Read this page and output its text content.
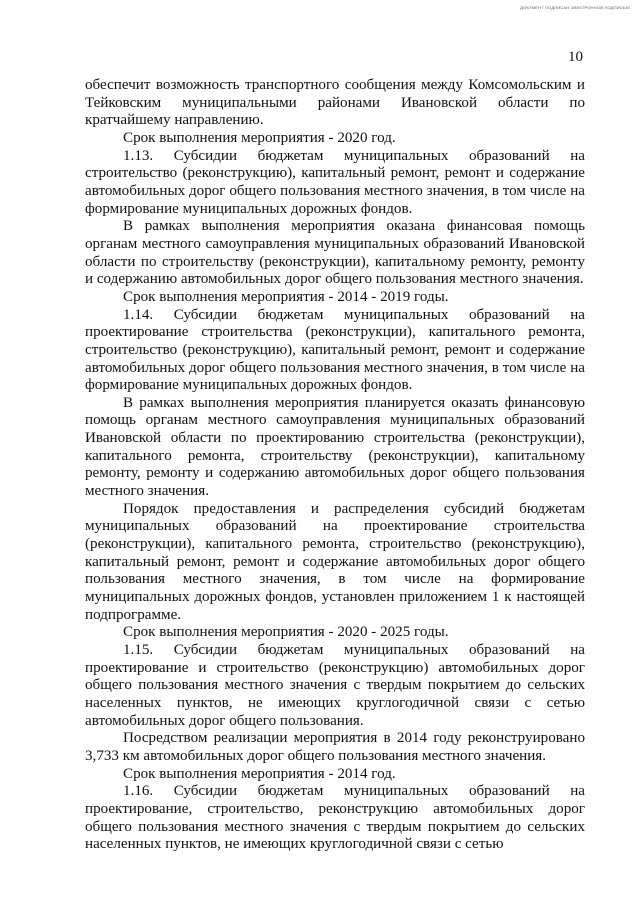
ДОКУМЕНТ ПОДПИСАН ЭЛЕКТРОННОЙ ПОДПИСЬЮ
10

обеспечит возможность транспортного сообщения между Комсомольским и Тейковским муниципальными районами Ивановской области по кратчайшему направлению.

Срок выполнения мероприятия - 2020 год.

1.13. Субсидии бюджетам муниципальных образований на строительство (реконструкцию), капитальный ремонт, ремонт и содержание автомобильных дорог общего пользования местного значения, в том числе на формирование муниципальных дорожных фондов.

В рамках выполнения мероприятия оказана финансовая помощь органам местного самоуправления муниципальных образований Ивановской области по строительству (реконструкции), капитальному ремонту, ремонту и содержанию автомобильных дорог общего пользования местного значения.

Срок выполнения мероприятия - 2014 - 2019 годы.

1.14. Субсидии бюджетам муниципальных образований на проектирование строительства (реконструкции), капитального ремонта, строительство (реконструкцию), капитальный ремонт, ремонт и содержание автомобильных дорог общего пользования местного значения, в том числе на формирование муниципальных дорожных фондов.

В рамках выполнения мероприятия планируется оказать финансовую помощь органам местного самоуправления муниципальных образований Ивановской области по проектированию строительства (реконструкции), капитального ремонта, строительству (реконструкции), капитальному ремонту, ремонту и содержанию автомобильных дорог общего пользования местного значения.

Порядок предоставления и распределения субсидий бюджетам муниципальных образований на проектирование строительства (реконструкции), капитального ремонта, строительство (реконструкцию), капитальный ремонт, ремонт и содержание автомобильных дорог общего пользования местного значения, в том числе на формирование муниципальных дорожных фондов, установлен приложением 1 к настоящей подпрограмме.

Срок выполнения мероприятия - 2020 - 2025 годы.

1.15. Субсидии бюджетам муниципальных образований на проектирование и строительство (реконструкцию) автомобильных дорог общего пользования местного значения с твердым покрытием до сельских населенных пунктов, не имеющих круглогодичной связи с сетью автомобильных дорог общего пользования.

Посредством реализации мероприятия в 2014 году реконструировано 3,733 км автомобильных дорог общего пользования местного значения.

Срок выполнения мероприятия - 2014 год.

1.16. Субсидии бюджетам муниципальных образований на проектирование, строительство, реконструкцию автомобильных дорог общего пользования местного значения с твердым покрытием до сельских населенных пунктов, не имеющих круглогодичной связи с сетью
